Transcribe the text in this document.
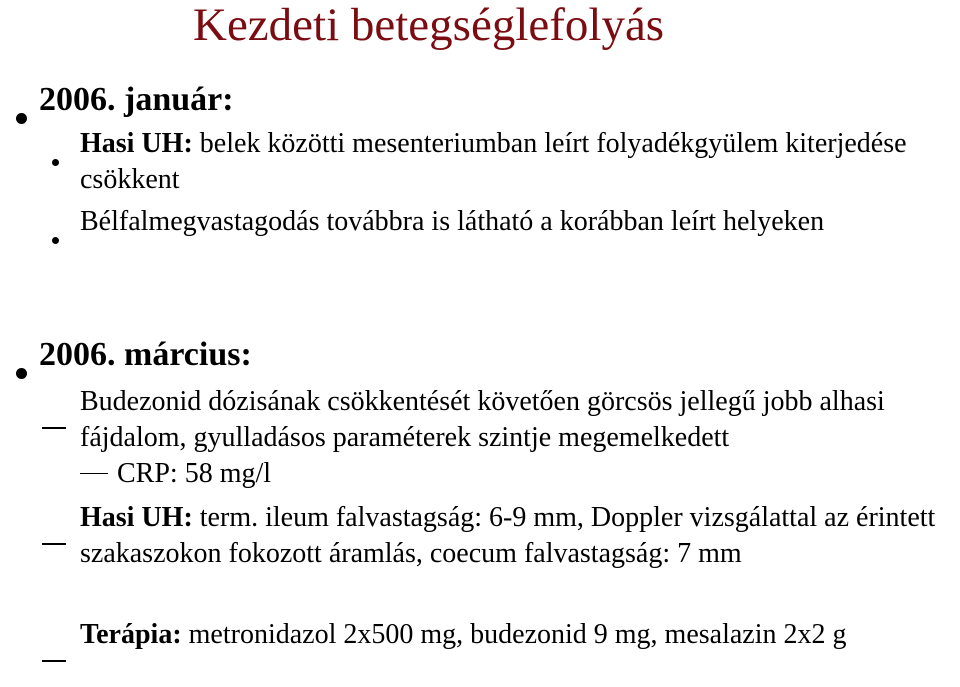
Kezdeti betegséglefolyás
2006. január:

Hasi UH: belek közötti mesenteriumban leírt folyadékgyülem kiterjedése csökkent

Bélfalmegvastagodás továbbra is látható a korábban leírt helyeken

2006. március:

Budezonid dózisának csökkentését követően görcsös jellegű jobb alhasi fájdalom, gyulladásos paraméterek szintje megemelkedett
CRP: 58 mg/l

Hasi UH: term. ileum falvastagság: 6-9 mm, Doppler vizsgálattal az érintett szakaszokon fokozott áramlás, coecum falvastagság: 7 mm

Terápia: metronidazol 2x500 mg, budezonid 9 mg, mesalazin 2x2 g
